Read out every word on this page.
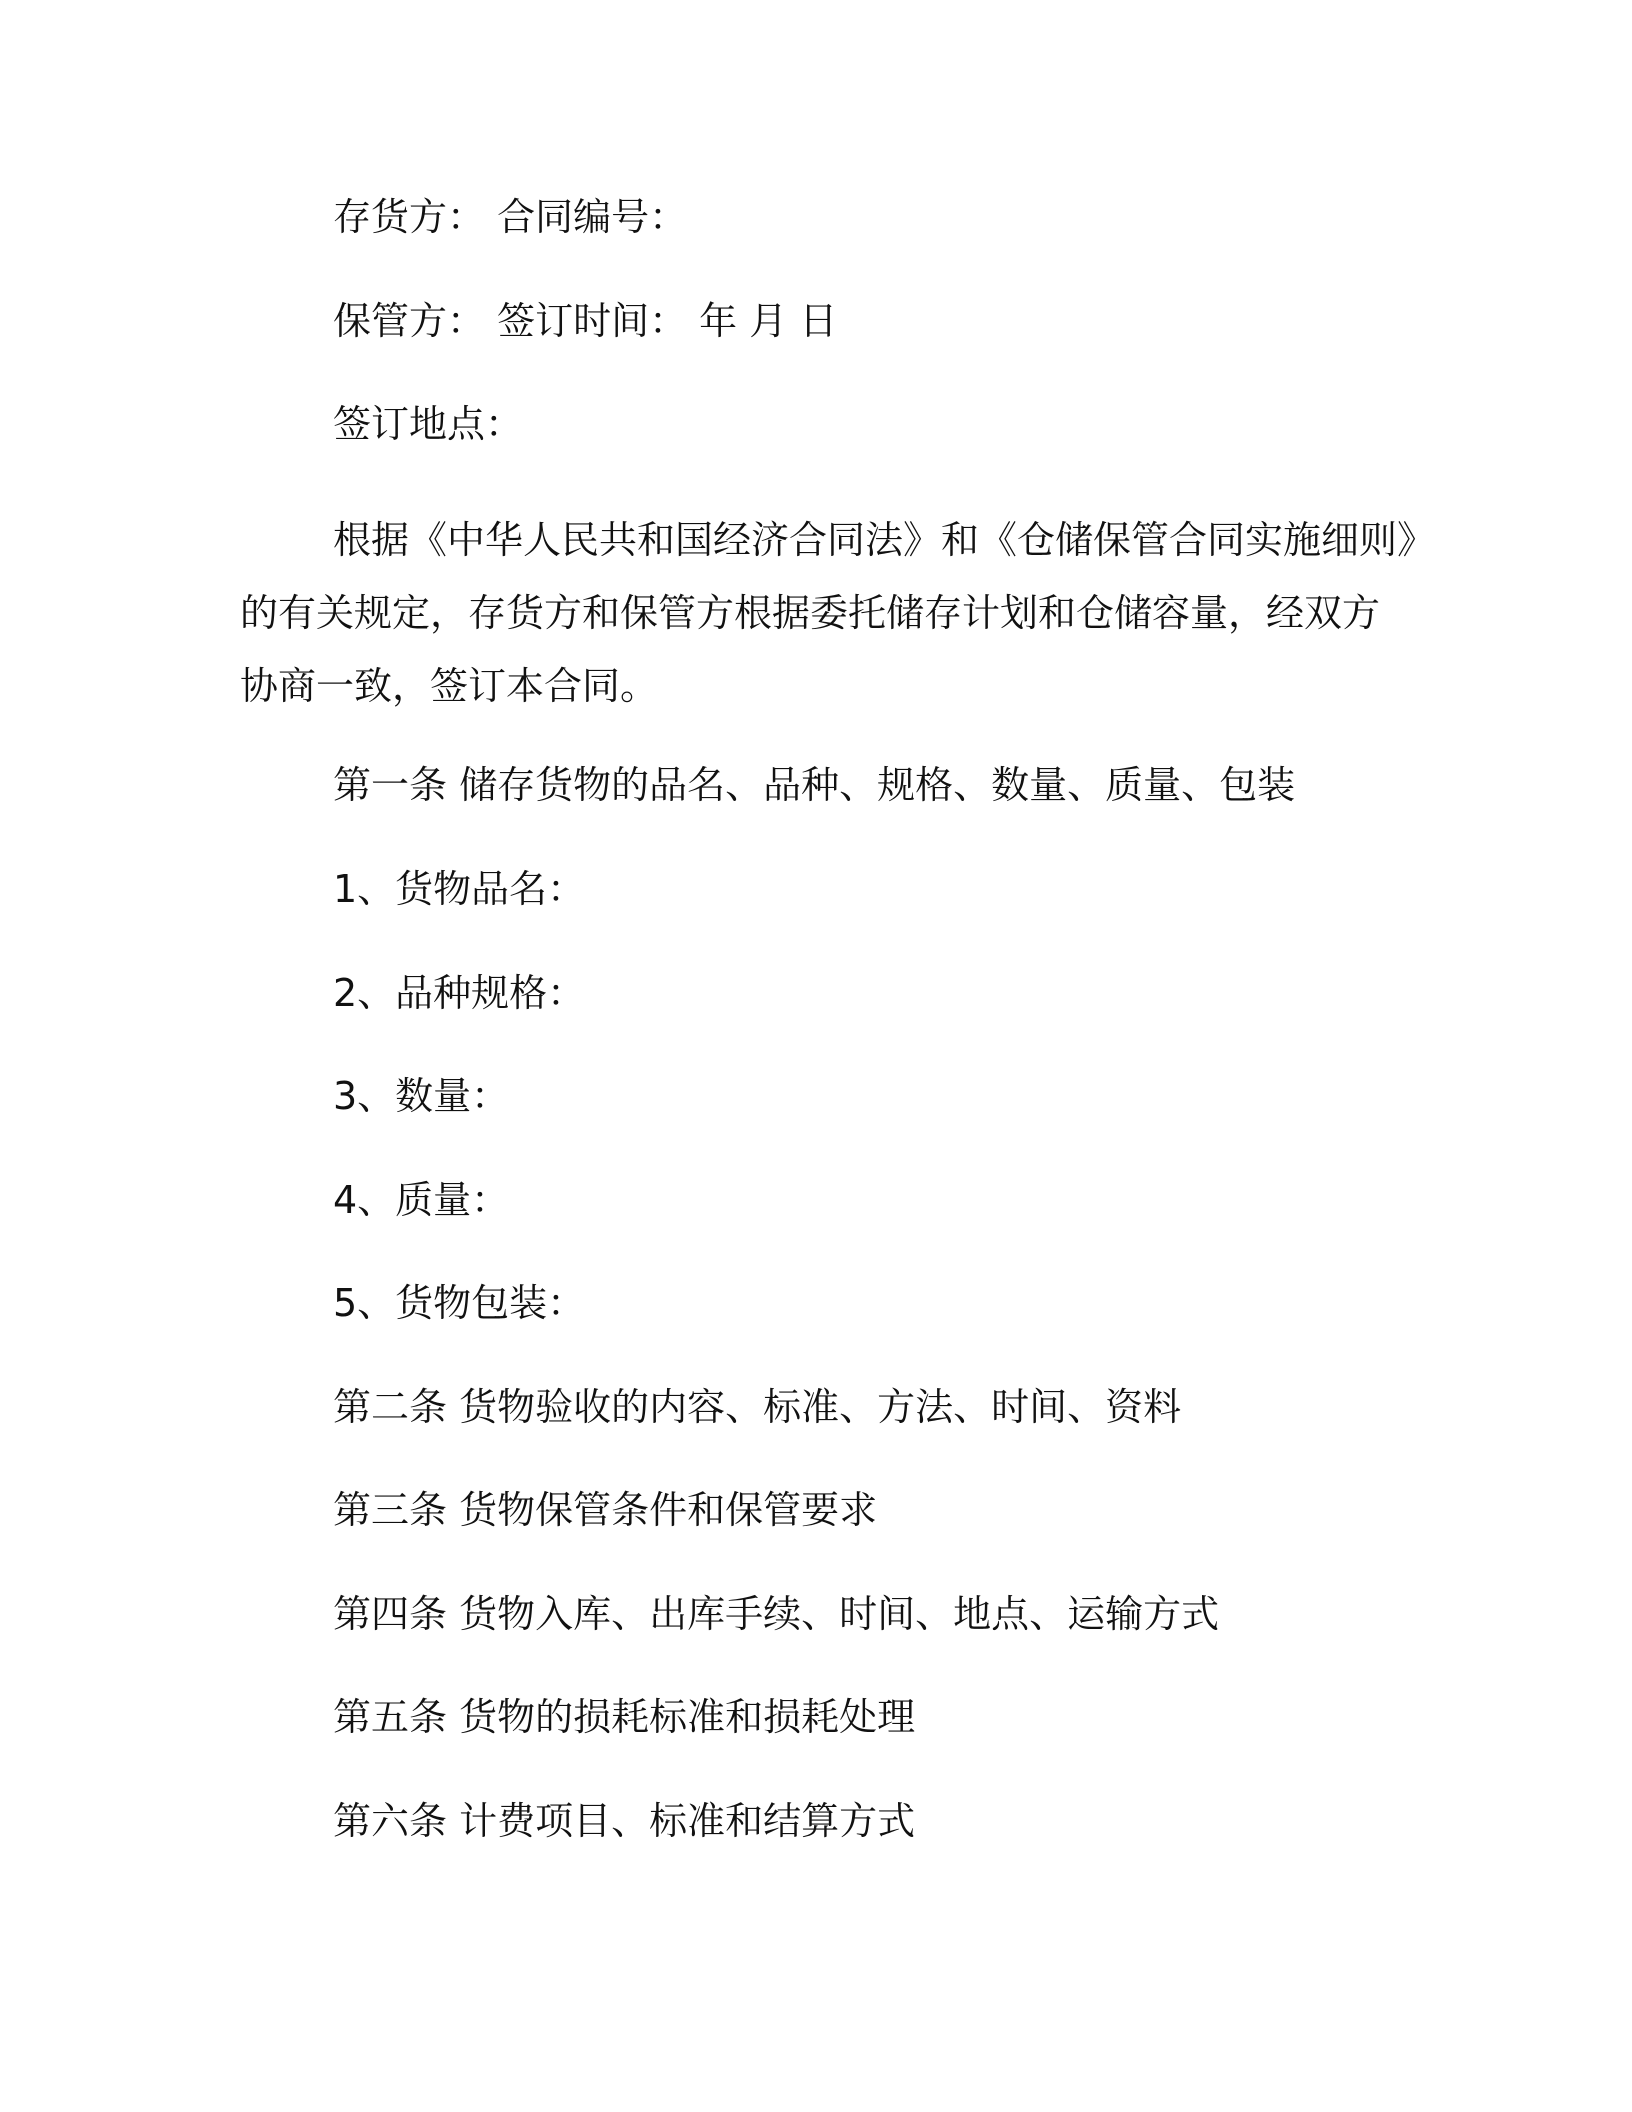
存货方： 合同编号：
保管方： 签订时间： 年 月 日
签订地点：
根据《中华人民共和国经济合同法》和《仓储保管合同实施细则》
的有关规定，存货方和保管方根据委托储存计划和仓储容量，经双方
协商一致，签订本合同。
第一条 储存货物的品名、品种、规格、数量、质量、包装
1、货物品名：
2、品种规格：
3、数量：
4、质量：
5、货物包装：
第二条 货物验收的内容、标准、方法、时间、资料
第三条 货物保管条件和保管要求
第四条 货物入库、出库手续、时间、地点、运输方式
第五条 货物的损耗标准和损耗处理
第六条 计费项目、标准和结算方式
